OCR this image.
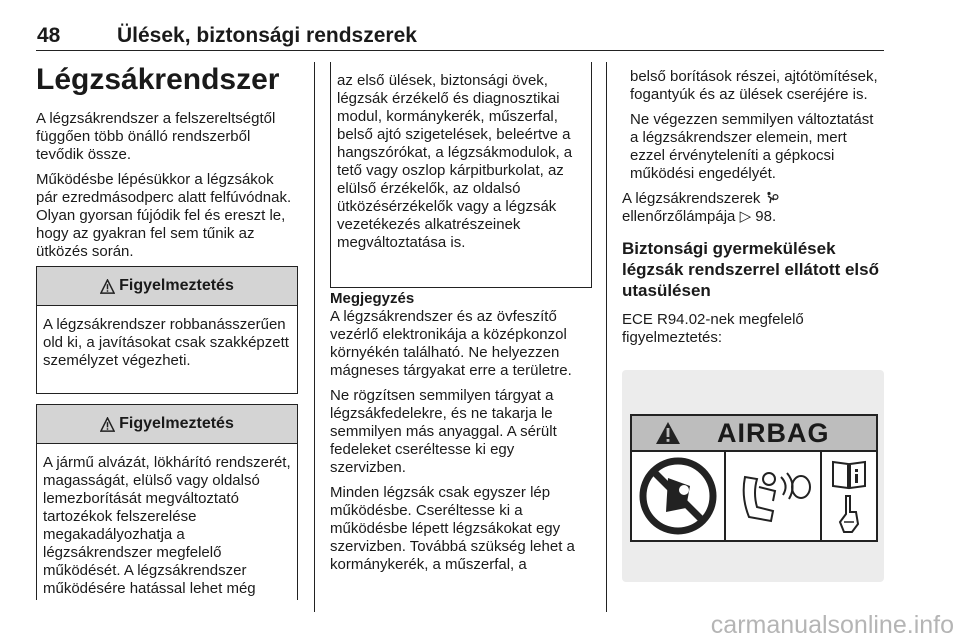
48	Ülések, biztonsági rendszerek
Légzsákrendszer

A légzsákrendszer a felszereltségtől függően több önálló rendszerből tevődik össze.

Működésbe lépésükkor a légzsákok pár ezredmásodperc alatt felfúvódnak. Olyan gyorsan fújódik fel és ereszt le, hogy az gyakran fel sem tűnik az ütközés során.

Figyelmeztetés
A légzsákrendszer robbanásszerűen old ki, a javításokat csak szakképzett személyzet végezheti.
Figyelmeztetés
A jármű alvázát, lökhárító rendszerét, magasságát, elülső vagy oldalsó lemezborítását megváltoztató tartozékok felszerelése megakadályozhatja a légzsákrendszer megfelelő működését. A légzsákrendszer működésére hatással lehet még
az első ülések, biztonsági övek, légzsák érzékelő és diagnosztikai modul, kormánykerék, műszerfal, belső ajtó szigetelések, beleértve a hangszórókat, a légzsákmodulok, a tető vagy oszlop kárpitburkolat, az elülső érzékelők, az oldalsó ütközésérzékelők vagy a légzsák vezetékezés alkatrészeinek megváltoztatása is.
Megjegyzés

A légzsákrendszer és az övfeszítő vezérlő elektronikája a középkonzol környékén található. Ne helyezzen mágneses tárgyakat erre a területre.

Ne rögzítsen semmilyen tárgyat a légzsákfedelekre, és ne takarja le semmilyen más anyaggal. A sérült fedeleket cseréltesse ki egy szervizben.

Minden légzsák csak egyszer lép működésbe. Cseréltesse ki a működésbe lépett légzsákokat egy szervizben. Továbbá szükség lehet a kormánykerék, a műszerfal, a

belső borítások részei, ajtótömítések, fogantyúk és az ülések cseréjére is.
Ne végezzen semmilyen változtatást a légzsákrendszer elemein, mert ezzel érvényteleníti a gépkocsi működési engedélyét.

A légzsákrendszerek
ellenőrzőlámpája ▷ 98.

Biztonsági gyermekülések légzsák rendszerrel ellátott első utasülésen

ECE R94.02-nek megfelelő figyelmeztetés:

AIRBAG
carmanualsonline.info
